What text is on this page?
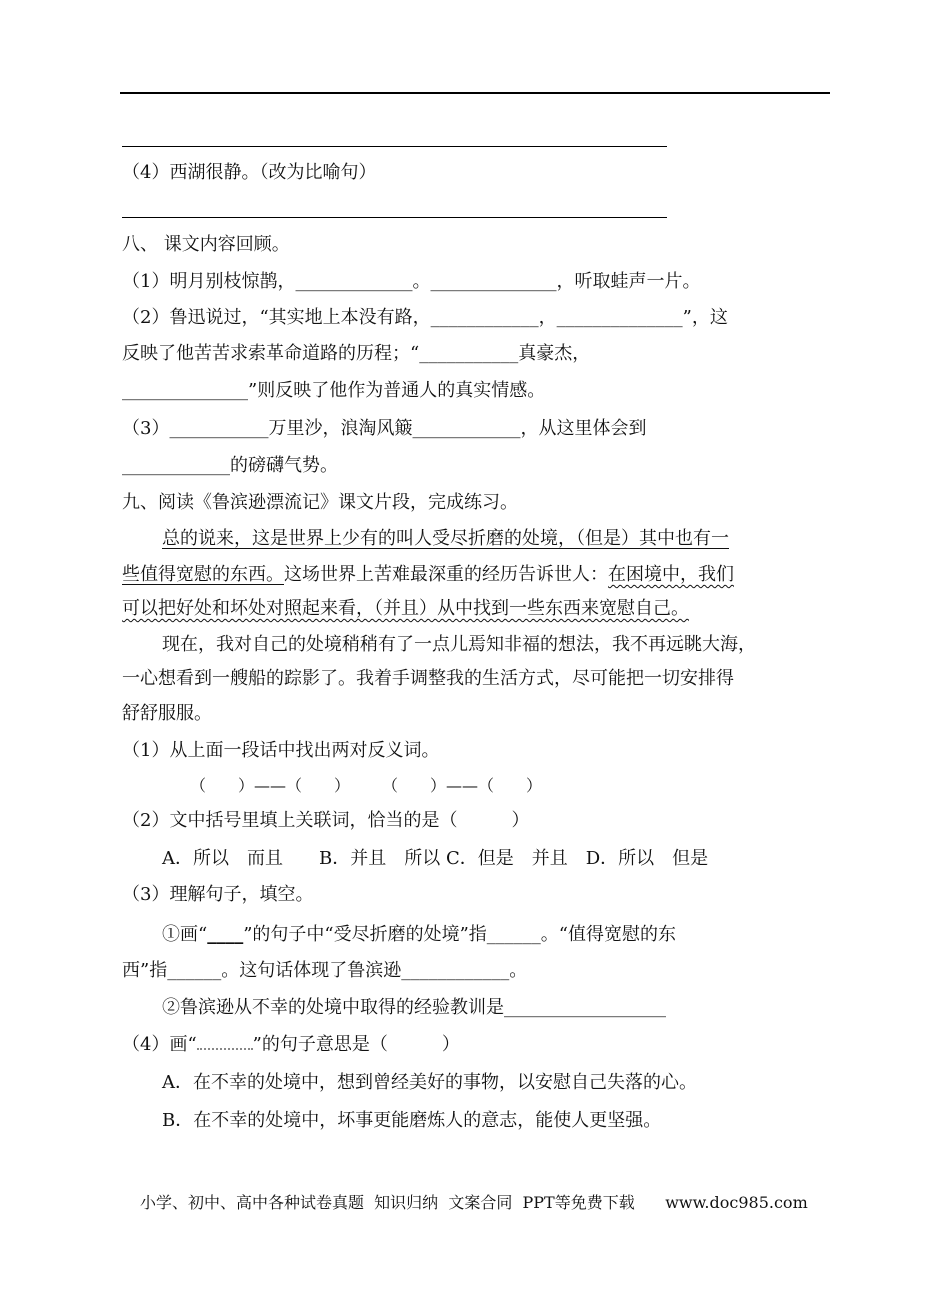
（4）西湖很静。（改为比喻句）
八、 课文内容回顾。
（1）明月别枝惊鹊，_____________。______________，听取蛙声一片。
（2）鲁迅说过，“其实地上本没有路，____________，______________”，这
反映了他苦苦求索革命道路的历程；“___________真豪杰，
______________”则反映了他作为普通人的真实情感。
（3）___________万里沙，浪淘风簸____________，从这里体会到
____________的磅礴气势。
九、阅读《鲁滨逊漂流记》课文片段，完成练习。
总的说来，这是世界上少有的叫人受尽折磨的处境，（但是）其中也有一
些值得宽慰的东西。这场世界上苦难最深重的经历告诉世人：在困境中，我们
可以把好处和坏处对照起来看，（并且）从中找到一些东西来宽慰自己。
现在，我对自己的处境稍稍有了一点儿焉知非福的想法，我不再远眺大海，
一心想看到一艘船的踪影了。我着手调整我的生活方式，尽可能把一切安排得
舒舒服服。
（1）从上面一段话中找出两对反义词。
（　　）——（　　）　　　（　　）——（　　）
（2）文中括号里填上关联词，恰当的是（　　　）
A．所以　而且　　B．并且　所以 C．但是　并且　D．所以　但是
（3）理解句子，填空。
①画“____”的句子中“受尽折磨的处境”指______。“值得宽慰的东
西”指______。这句话体现了鲁滨逊____________。
②鲁滨逊从不幸的处境中取得的经验教训是__________________
（4）画“	”的句子意思是（　　　）
A．在不幸的处境中，想到曾经美好的事物，以安慰自己失落的心。
B．在不幸的处境中，坏事更能磨炼人的意志，能使人更坚强。
小学、初中、高中各种试卷真题  知识归纳  文案合同  PPT等免费下载      www.doc985.com
